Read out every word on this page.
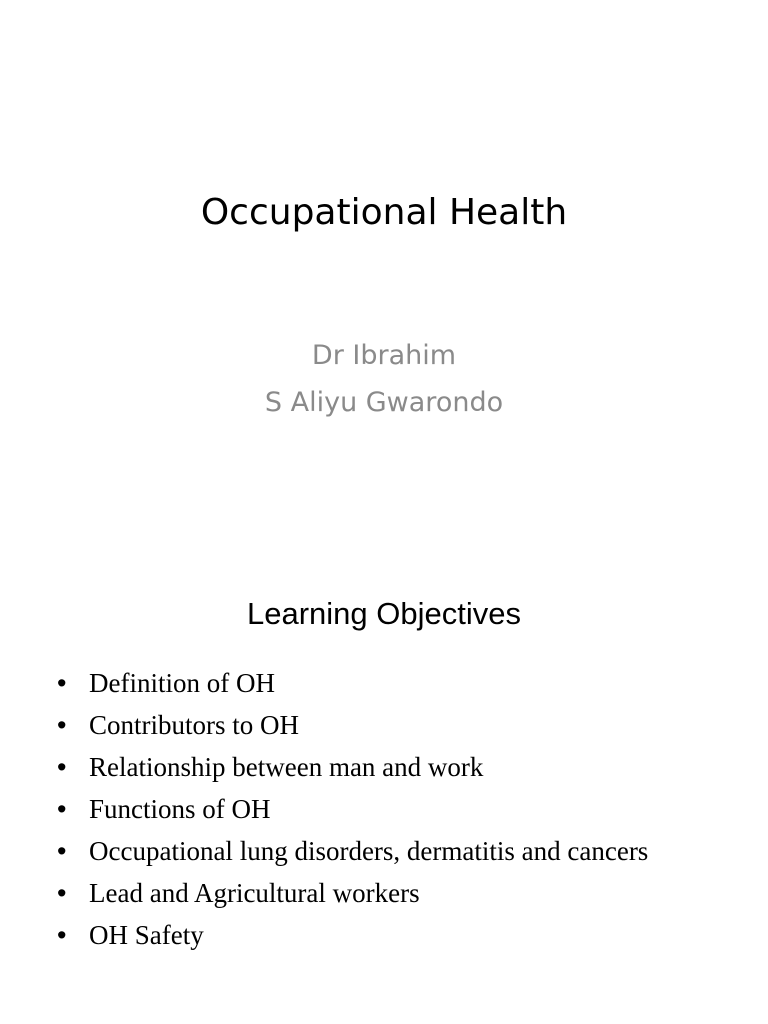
Occupational Health
Dr Ibrahim
S Aliyu Gwarondo
Learning Objectives
• Definition of OH
• Contributors to OH
• Relationship between man and work
• Functions of OH
• Occupational lung disorders, dermatitis and cancers
• Lead and Agricultural workers
• OH Safety
